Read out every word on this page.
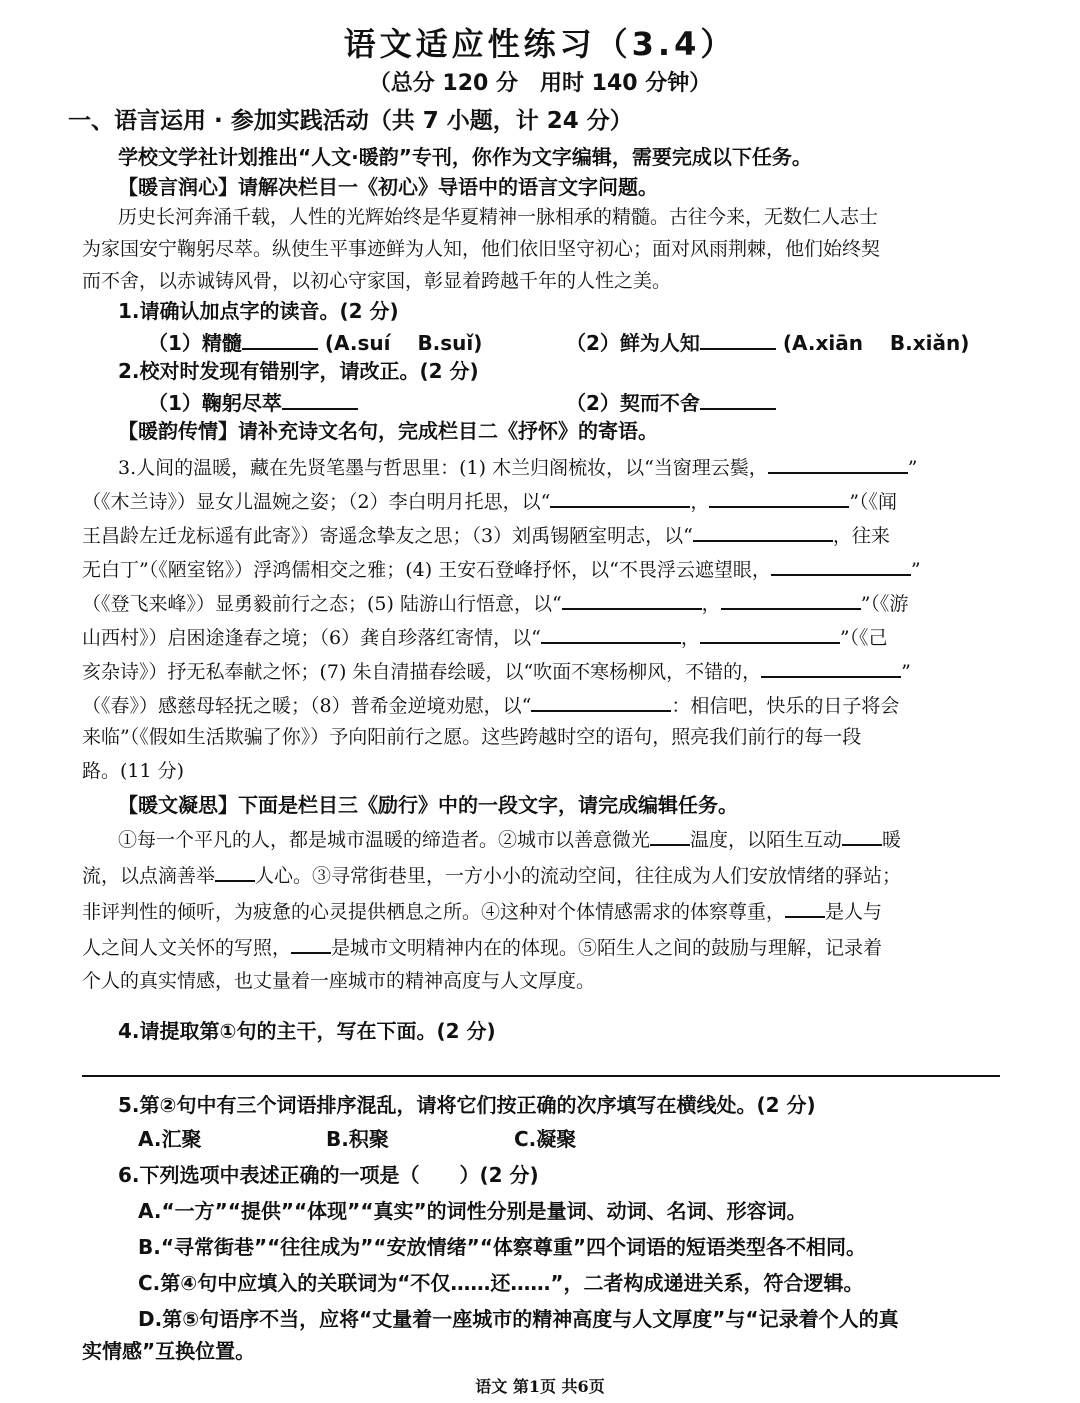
语文适应性练习（3.4）
（总分 120 分　用时 140 分钟）
一、语言运用 · 参加实践活动（共 7 小题，计 24 分）
学校文学社计划推出“人文·暖韵”专刊，你作为文字编辑，需要完成以下任务。
【暖言润心】请解决栏目一《初心》导语中的语言文字问题。
历史长河奔涌千载，人性的光辉始终是华夏精神一脉相承的精髓。古往今来，无数仁人志士
为家国安宁鞠躬尽萃。纵使生平事迹鲜为人知，他们依旧坚守初心；面对风雨荆棘，他们始终契
而不舍，以赤诚铸风骨，以初心守家国，彰显着跨越千年的人性之美。
1.请确认加点字的读音。(2 分)
（1）精髓	(A.suí　 B.suǐ)	（2）鲜为人知	(A.xiān　 B.xiǎn)
2.校对时发现有错别字，请改正。(2 分)
（1）鞠躬尽萃	（2）契而不舍
【暖韵传情】请补充诗文名句，完成栏目二《抒怀》的寄语。
3.人间的温暖，藏在先贤笔墨与哲思里：(1) 木兰归阁梳妆，以“当窗理云鬓，	”
（《木兰诗》）显女儿温婉之姿；（2）李白明月托思，以“	，	”（《闻
王昌龄左迁龙标遥有此寄》）寄遥念挚友之思；（3）刘禹锡陋室明志，以“	，往来
无白丁”（《陋室铭》）浮鸿儒相交之雅；(4) 王安石登峰抒怀，以“不畏浮云遮望眼，	”
（《登飞来峰》）显勇毅前行之态；(5) 陆游山行悟意，以“	，	”（《游
山西村》）启困途逢春之境；（6）龚自珍落红寄情，以“	，	”（《己
亥杂诗》）抒无私奉献之怀；(7) 朱自清描春绘暖，以“吹面不寒杨柳风，不错的，	”
（《春》）感慈母轻抚之暖；（8）普希金逆境劝慰，以“	：相信吧，快乐的日子将会
来临”（《假如生活欺骗了你》）予向阳前行之愿。这些跨越时空的语句，照亮我们前行的每一段
路。(11 分)
【暖文凝思】下面是栏目三《励行》中的一段文字，请完成编辑任务。
①每一个平凡的人，都是城市温暖的缔造者。②城市以善意微光 温度，以陌生互动 暖
流，以点滴善举 人心。③寻常街巷里，一方小小的流动空间，往往成为人们安放情绪的驿站；
非评判性的倾听，为疲惫的心灵提供栖息之所。④这种对个体情感需求的体察尊重， 是人与
人之间人文关怀的写照， 是城市文明精神内在的体现。⑤陌生人之间的鼓励与理解，记录着
个人的真实情感，也丈量着一座城市的精神高度与人文厚度。
4.请提取第①句的主干，写在下面。(2 分)
5.第②句中有三个词语排序混乱，请将它们按正确的次序填写在横线处。(2 分)
A.汇聚	B.积聚	C.凝聚
6.下列选项中表述正确的一项是（　　）(2 分)
A.“一方”“提供”“体现”“真实”的词性分别是量词、动词、名词、形容词。
B.“寻常街巷”“往往成为”“安放情绪”“体察尊重”四个词语的短语类型各不相同。
C.第④句中应填入的关联词为“不仅……还……”，二者构成递进关系，符合逻辑。
D.第⑤句语序不当，应将“丈量着一座城市的精神高度与人文厚度”与“记录着个人的真
实情感”互换位置。
语文 第1页 共6页
